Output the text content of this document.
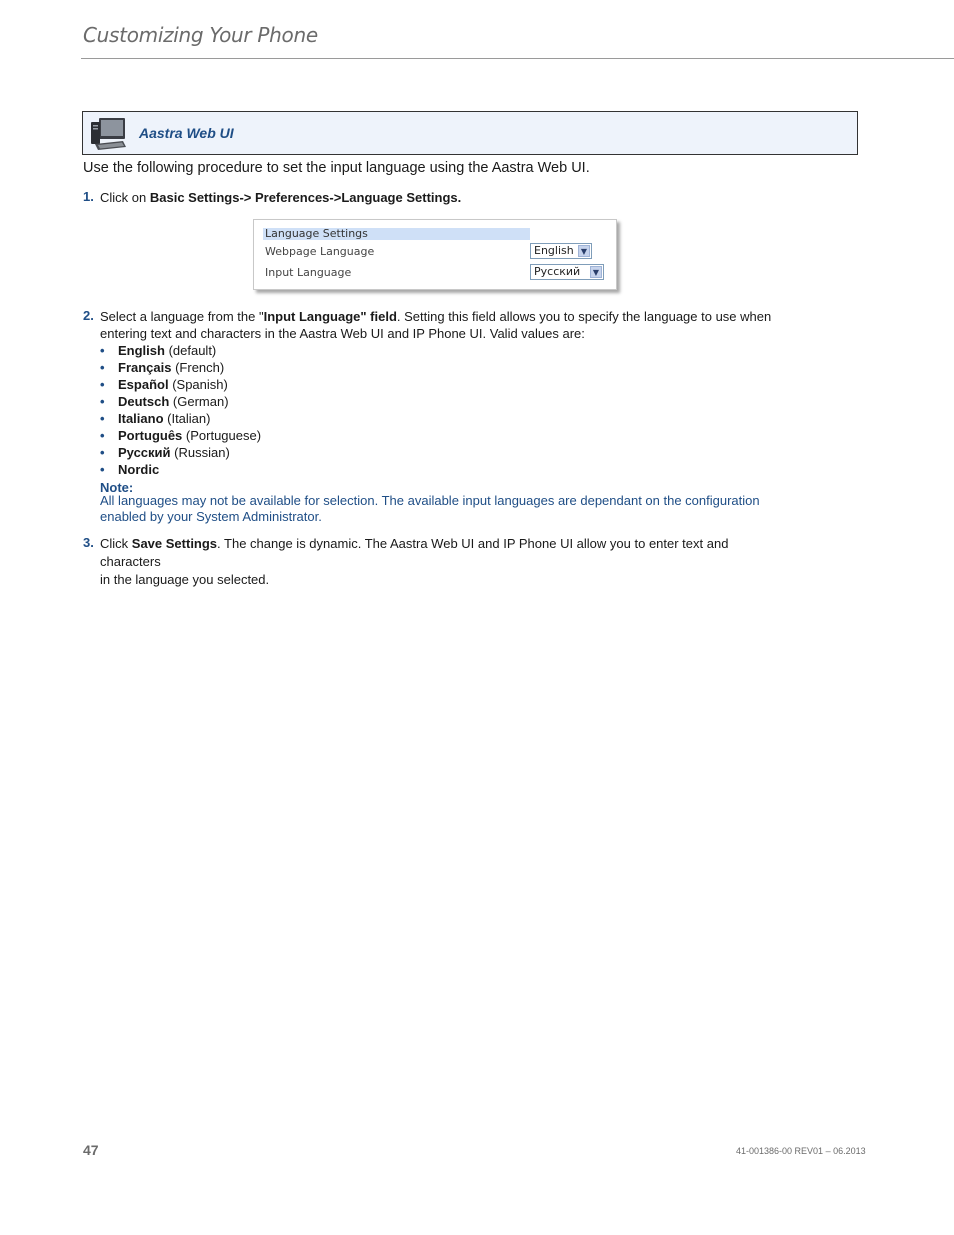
Customizing Your Phone
Aastra Web UI
Use the following procedure to set the input language using the Aastra Web UI.
1. Click on Basic Settings-> Preferences->Language Settings.
Language Settings
Webpage Language	English ▼
Input Language	Русский	▼
2. Select a language from the "Input Language" field. Setting this field allows you to specify the language to use when
entering text and characters in the Aastra Web UI and IP Phone UI. Valid values are:
• English (default)
• Français (French)
• Español (Spanish)
• Deutsch (German)
• Italiano (Italian)
• Português (Portuguese)
• Русский (Russian)
• Nordic
Note:
All languages may not be available for selection. The available input languages are dependant on the configuration
enabled by your System Administrator.
3. Click Save Settings. The change is dynamic. The Aastra Web UI and IP Phone UI allow you to enter text and characters
in the language you selected.
47	41-001386-00 REV01 – 06.2013
